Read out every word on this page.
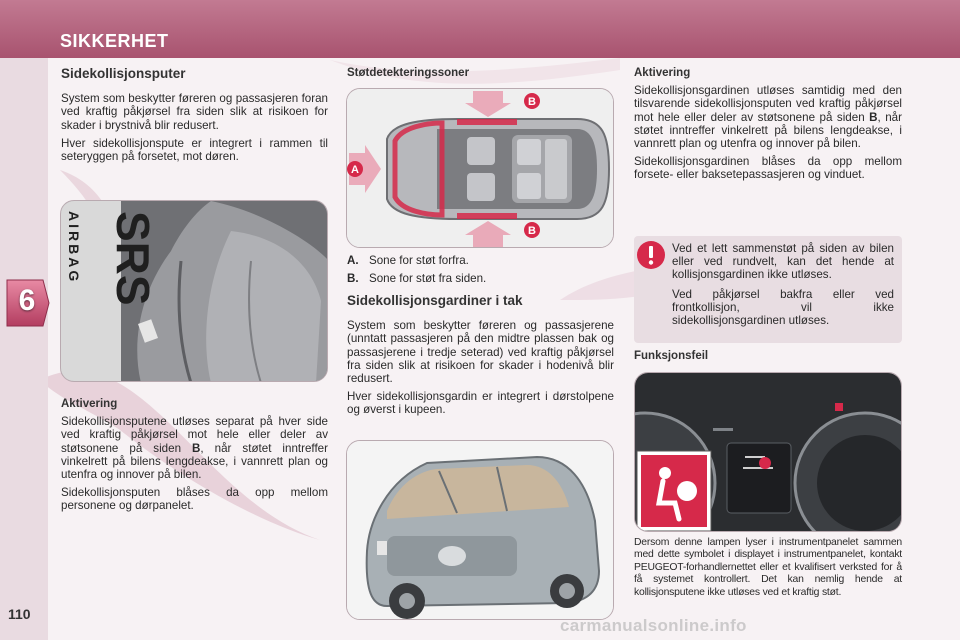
SIKKERHET
6
110
Sidekollisjonsputer

System som beskytter føreren og passasjeren foran ved kraftig påkjørsel fra siden slik at risikoen for skader i brystnivå blir redusert.

Hver sidekollisjonspute er integrert i rammen til seteryggen på forsetet, mot døren.

SRS
AIRBAG
Aktivering

Sidekollisjonsputene utløses separat på hver side ved kraftig påkjørsel mot hele eller deler av støtsonene på siden B, når støtet inntreffer vinkelrett på bilens lengdeakse, i vannrett plan og utenfra og innover på bilen.

Sidekollisjonsputen blåses da opp mellom personene og dørpanelet.

Støtdetekteringssoner
B
B
A
A. Sone for støt forfra.
B. Sone for støt fra siden.
Sidekollisjonsgardiner i tak

System som beskytter føreren og passasjerene (unntatt passasjeren på den midtre plassen bak og passasjerene i tredje seterad) ved kraftig påkjørsel fra siden slik at risikoen for skader i hodenivå blir redusert.

Hver sidekollisjonsgardin er integrert i dørstolpene og øverst i kupeen.

Aktivering

Sidekollisjonsgardinen utløses samtidig med den tilsvarende sidekollisjonsputen ved kraftig påkjørsel mot hele eller deler av støtsonene på siden B, når støtet inntreffer vinkelrett på bilens lengdeakse, i vannrett plan og utenfra og innover på bilen.

Sidekollisjonsgardinen blåses da opp mellom forsete- eller baksetepassasjeren og vinduet.

Ved et lett sammenstøt på siden av bilen eller ved rundvelt, kan det hende at kollisjonsgardinen ikke utløses.

Ved påkjørsel bakfra eller ved frontkollisjon, vil ikke sidekollisjonsgardinen utløses.

Funksjonsfeil
Dersom denne lampen lyser i instrumentpanelet sammen med dette symbolet i displayet i instrumentpanelet, kontakt PEUGEOT-forhandlernettet eller et kvalifisert verksted for å få systemet kontrollert. Det kan nemlig hende at kollisjonsputene ikke utløses ved et kraftig støt.
carmanualsonline.info
